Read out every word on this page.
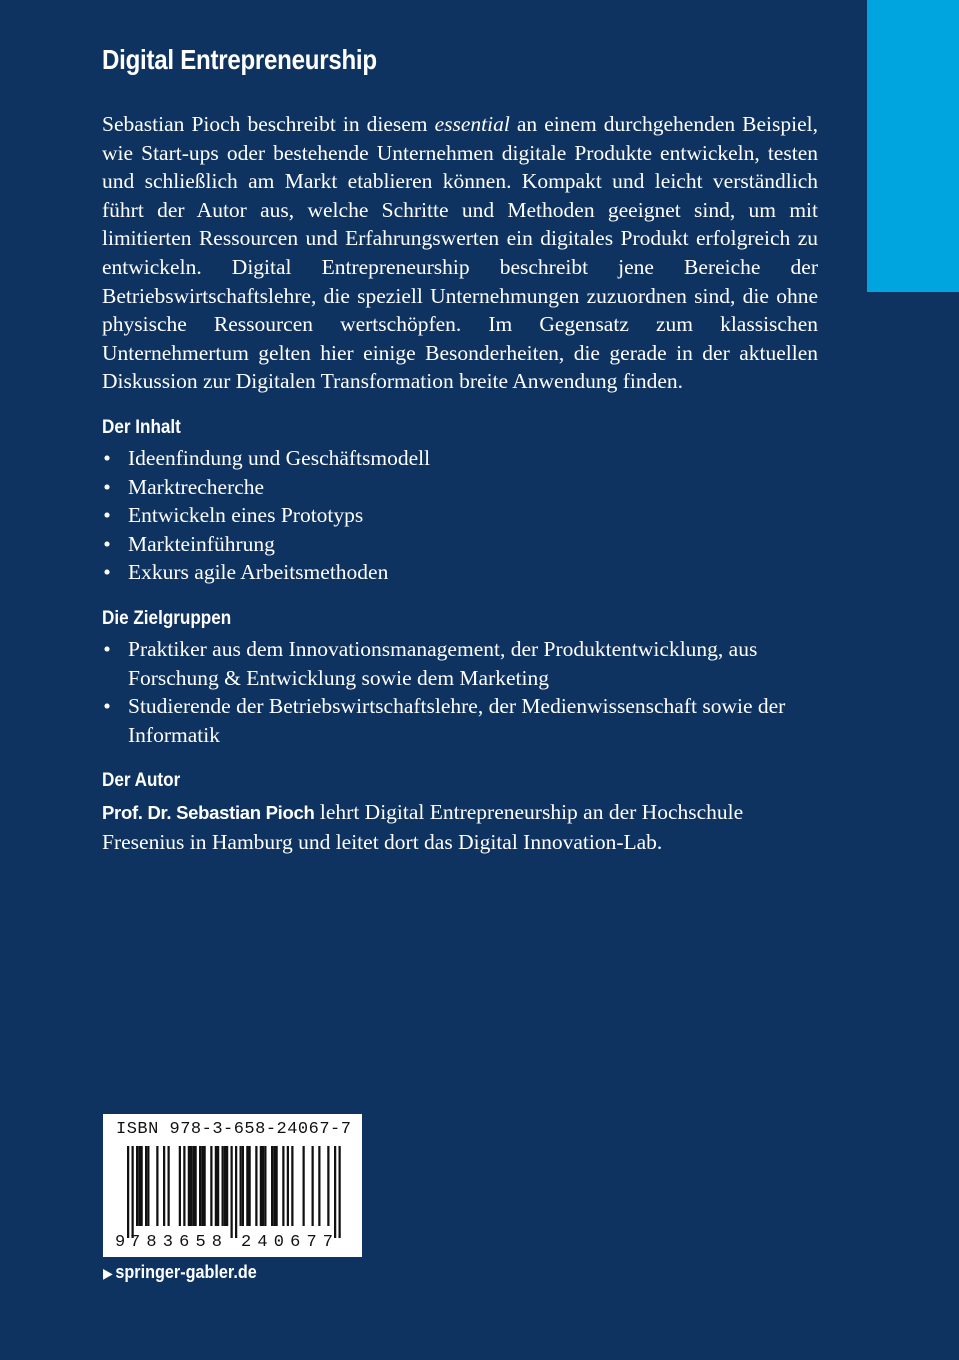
Digital Entrepreneurship

Sebastian Pioch beschreibt in diesem essential an einem durchgehenden Beispiel, wie Start-ups oder bestehende Unternehmen digitale Produkte entwickeln, testen und schließlich am Markt etablieren können. Kompakt und leicht verständlich führt der Autor aus, welche Schritte und Methoden geeignet sind, um mit limitierten Ressourcen und Erfahrungswerten ein digitales Produkt erfolgreich zu entwickeln. Digital Entrepreneurship beschreibt jene Bereiche der Betriebswirtschaftslehre, die speziell Unternehmungen zuzuordnen sind, die ohne physische Ressourcen wertschöpfen. Im Gegensatz zum klassischen Unternehmertum gelten hier einige Besonderheiten, die gerade in der aktuellen Diskussion zur Digitalen Transformation breite Anwendung finden.

Der Inhalt
• Ideenfindung und Geschäftsmodell
• Marktrecherche
• Entwickeln eines Prototyps
• Markteinführung
• Exkurs agile Arbeitsmethoden
Die Zielgruppen
• Praktiker aus dem Innovationsmanagement, der Produktentwicklung, aus Forschung & Entwicklung sowie dem Marketing
• Studierende der Betriebswirtschaftslehre, der Medienwissenschaft sowie der Informatik
Der Autor

Prof. Dr. Sebastian Pioch lehrt Digital Entrepreneurship an der Hochschule Fresenius in Hamburg und leitet dort das Digital Innovation-Lab.

ISBN 978-3-658-24067-7
9 783658 240677
▶ springer-gabler.de
